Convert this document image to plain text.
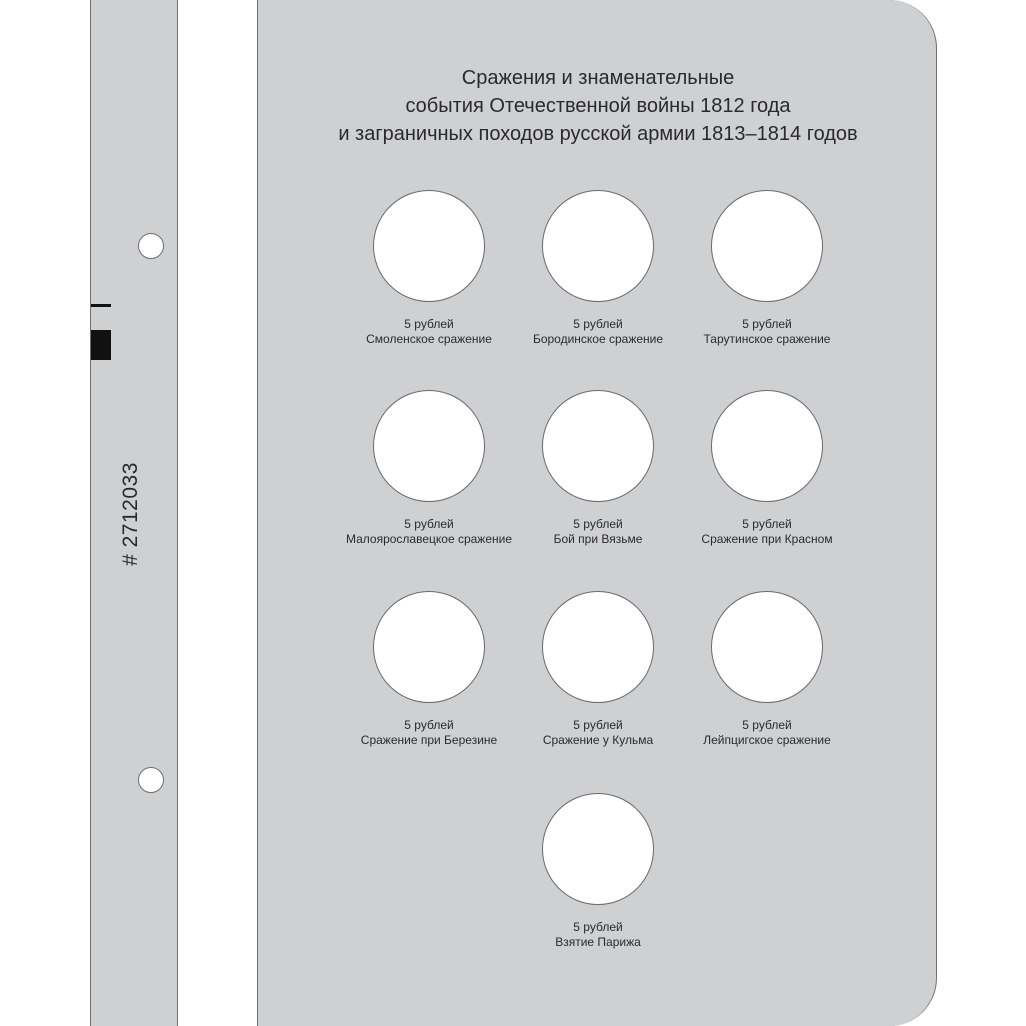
# 2712033
Сражения и знаменательные
события Отечественной войны 1812 года
и заграничных походов русской армии 1813–1814 годов
5 рублей
Смоленское сражение
5 рублей
Бородинское сражение
5 рублей
Тарутинское сражение
5 рублей
Малоярославецкое сражение
5 рублей
Бой при Вязьме
5 рублей
Сражение при Красном
5 рублей
Сражение при Березине
5 рублей
Сражение у Кульма
5 рублей
Лейпцигское сражение
5 рублей
Взятие Парижа
